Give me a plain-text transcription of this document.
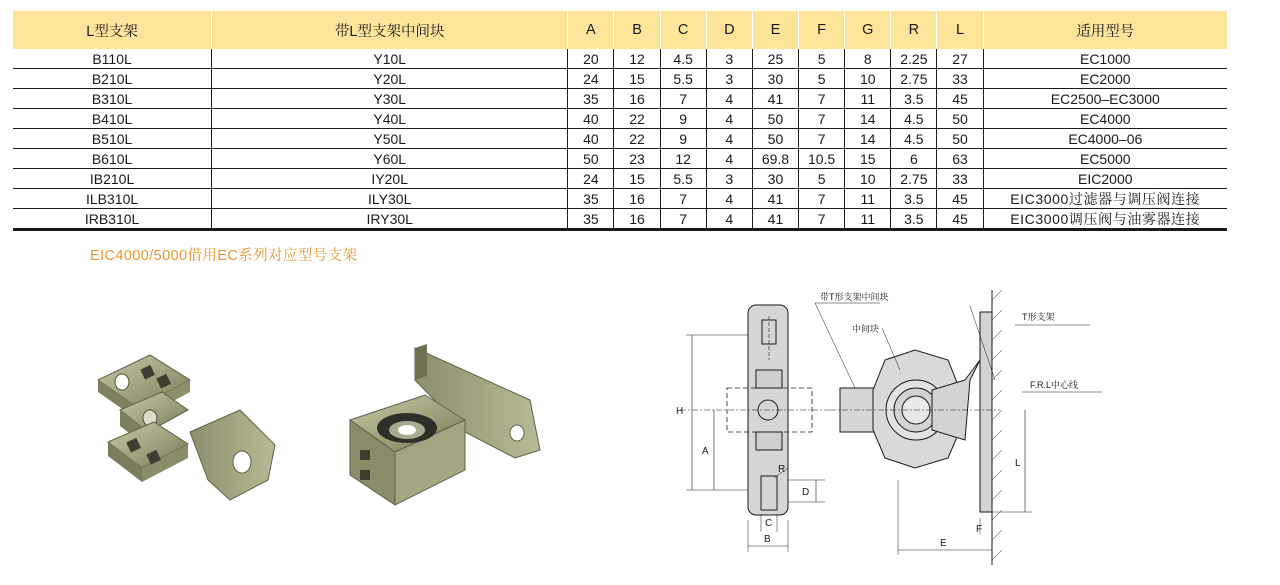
L型支架	带L型支架中间块	A	B	C	D	E	F	G	R	L	适用型号
B110L	Y10L	20	12	4.5	3	25	5	8	2.25	27	EC1000
B210L	Y20L	24	15	5.5	3	30	5	10	2.75	33	EC2000
B310L	Y30L	35	16	7	4	41	7	11	3.5	45	EC2500–EC3000
B410L	Y40L	40	22	9	4	50	7	14	4.5	50	EC4000
B510L	Y50L	40	22	9	4	50	7	14	4.5	50	EC4000–06
B610L	Y60L	50	23	12	4	69.8	10.5	15	6	63	EC5000
IB210L	IY20L	24	15	5.5	3	30	5	10	2.75	33	EIC2000
ILB310L	ILY30L	35	16	7	4	41	7	11	3.5	45	EIC3000过滤器与调压阀连接
IRB310L	IRY30L	35	16	7	4	41	7	11	3.5	45	EIC3000调压阀与油雾器连接
EIC4000/5000借用EC系列对应型号支架
H
A
B
C
D
R
L
F
E
带T形支架中间块
中间块
T形支架
F.R.L中心线
